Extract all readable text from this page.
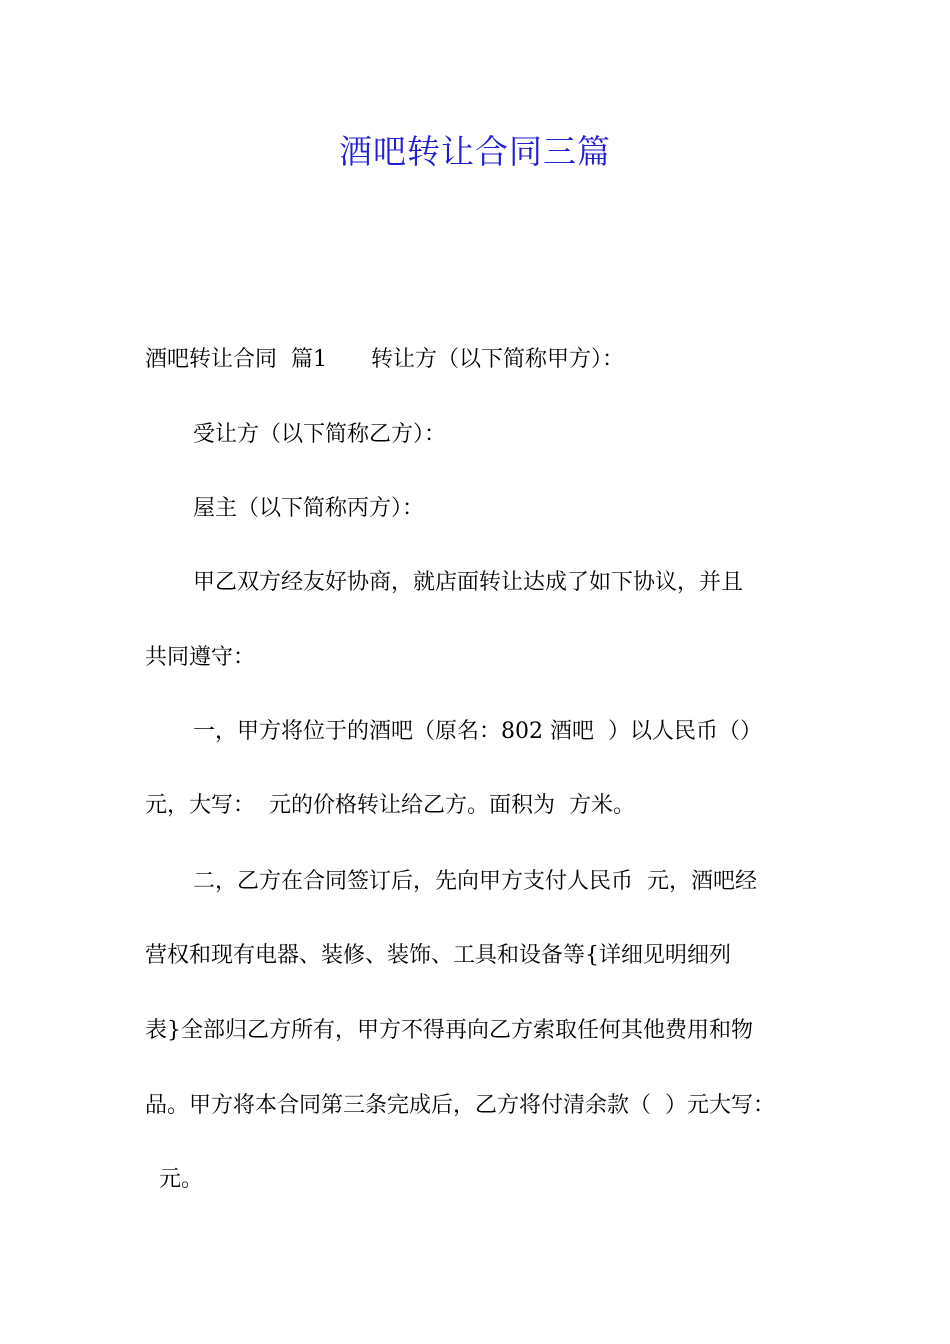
酒吧转让合同三篇
酒吧转让合同  篇1 转让方（以下简称甲方）：
受让方（以下简称乙方）：
屋主（以下简称丙方）：
甲乙双方经友好协商，就店面转让达成了如下协议，并且
共同遵守：
一，甲方将位于的酒吧（原名：802 酒吧  ）以人民币（）
元，大写：  元的价格转让给乙方。面积为  方米。
二，乙方在合同签订后，先向甲方支付人民币  元，酒吧经
营权和现有电器、装修、装饰、工具和设备等{详细见明细列
表}全部归乙方所有，甲方不得再向乙方索取任何其他费用和物
品。甲方将本合同第三条完成后，乙方将付清余款（  ）元大写：
元。
